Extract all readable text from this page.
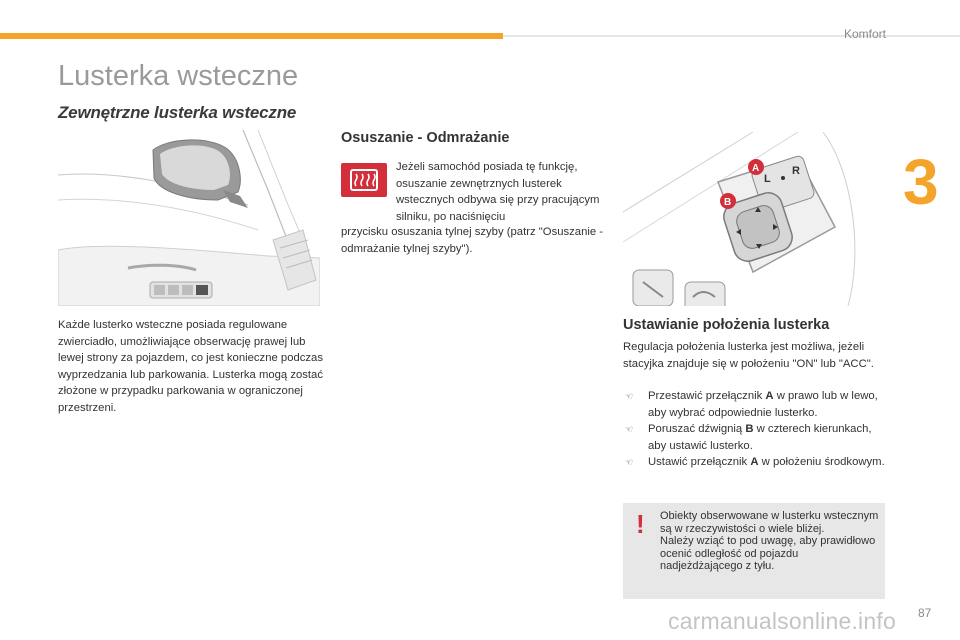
Komfort
3
Lusterka wsteczne
Zewnętrzne lusterka wsteczne
Każde lusterko wsteczne posiada regulowane zwierciadło, umożliwiające obserwację prawej lub lewej strony za pojazdem, co jest konieczne podczas wyprzedzania lub parkowania. Lusterka mogą zostać złożone w przypadku parkowania w ograniczonej przestrzeni.
Osuszanie - Odmrażanie
Jeżeli samochód posiada tę funkcję, osuszanie zewnętrznych lusterek wstecznych odbywa się przy pracującym silniku, po naciśnięciu
przycisku osuszania tylnej szyby (patrz "Osuszanie - odmrażanie tylnej szyby").
L
R
A
B
Ustawianie położenia lusterka
Regulacja położenia lusterka jest możliwa, jeżeli stacyjka znajduje się w położeniu "ON" lub "ACC".
☜ Przestawić przełącznik A w prawo lub w lewo, aby wybrać odpowiednie lusterko.
☜ Poruszać dźwignią B w czterech kierunkach, aby ustawić lusterko.
☜ Ustawić przełącznik A w położeniu środkowym.
! Obiekty obserwowane w lusterku wstecznym są w rzeczywistości o wiele bliżej.
Należy wziąć to pod uwagę, aby prawidłowo ocenić odległość od pojazdu nadjeżdżającego z tyłu.
carmanualsonline.info 87
